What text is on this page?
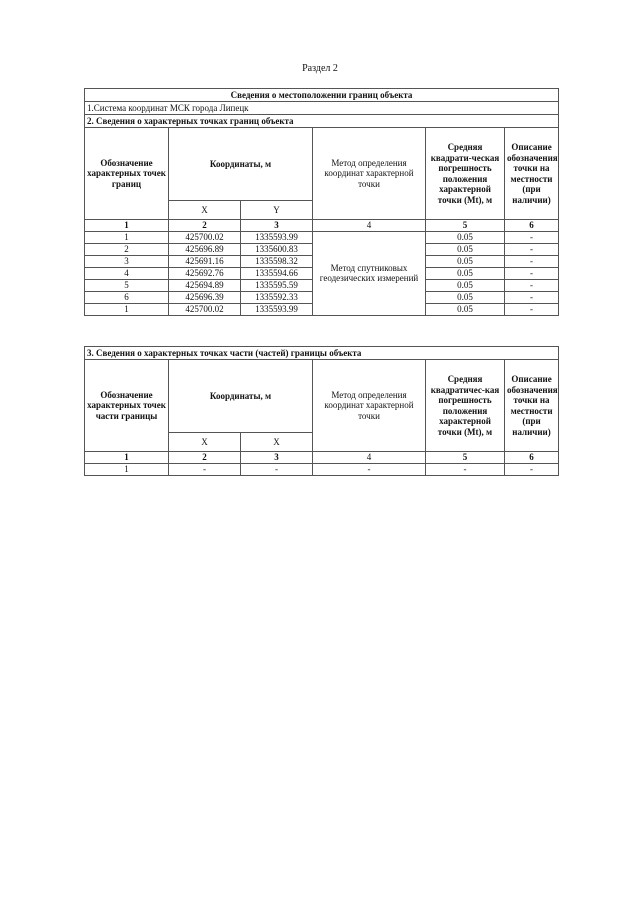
Раздел 2
Сведения о местоположении границ объекта					
1.Система координат МСК города Липецк					
2. Сведения о характерных точках границ объекта					
Обозначение характерных точек границ	Координаты, м		Метод определения координат характерной точки	Средняя квадрати-ческая погрешность положения характерной точки (Mt), м	Описание обозначения точки на местности (при наличии)
	X	Y			
1	2	3	4	5	6
1	425700.02	1335593.99	Метод спутниковых геодезических измерений	0.05	-
2	425696.89	1335600.83		0.05	-
3	425691.16	1335598.32		0.05	-
4	425692.76	1335594.66		0.05	-
5	425694.89	1335595.59		0.05	-
6	425696.39	1335592.33		0.05	-
1	425700.02	1335593.99		0.05	-
3. Сведения о характерных точках части (частей) границы объекта					
Обозначение характерных точек части границы	Координаты, м		Метод определения координат характерной точки	Средняя квадратичес-кая погрешность положения характерной точки (Mt), м	Описание обозначения точки на местности (при наличии)
	X	X			
1	2	3	4	5	6
1	-	-	-	-	-
